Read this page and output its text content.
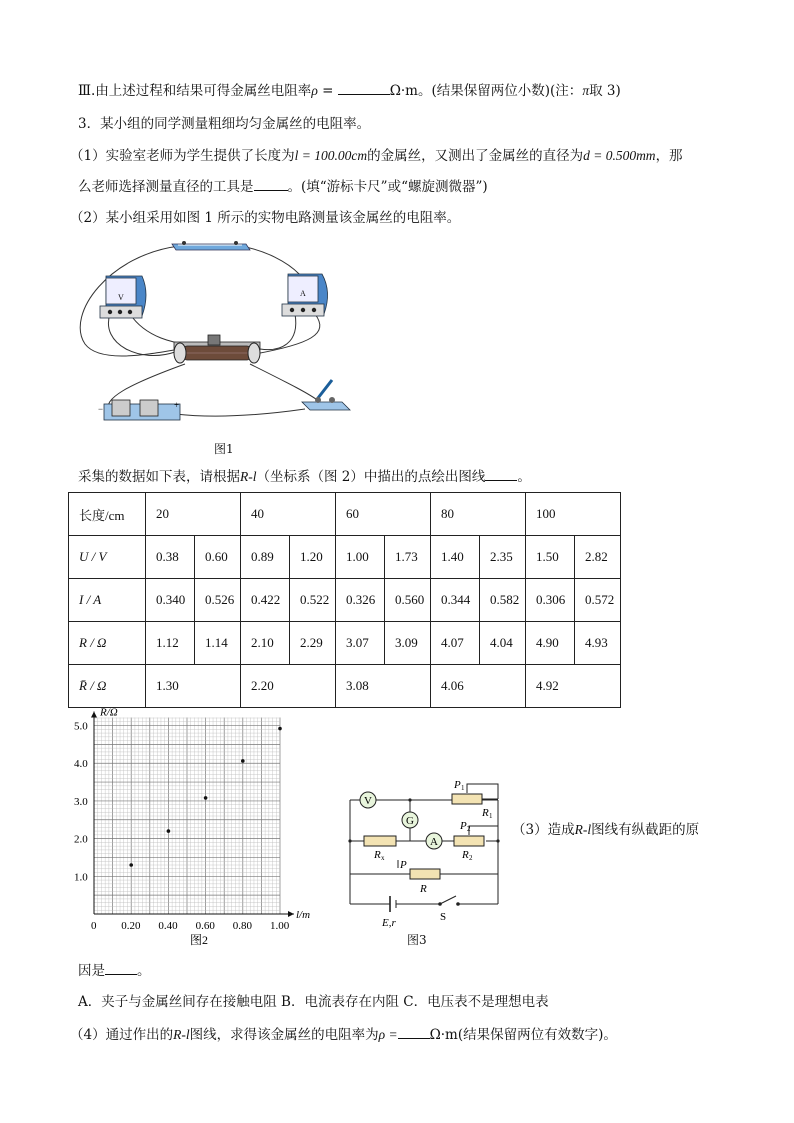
Ⅲ.由上述过程和结果可得金属丝电阻率ρ =	Ω·m。(结果保留两位小数)(注：π取 3)
3．某小组的同学测量粗细均匀金属丝的电阻率。
（1）实验室老师为学生提供了长度为l = 100.00cm的金属丝，又测出了金属丝的直径为d = 0.500mm，那
么老师选择测量直径的工具是	。(填“游标卡尺”或“螺旋测微器”)
（2）某小组采用如图 1 所示的实物电路测量该金属丝的电阻率。
V	A
−	+
图1
采集的数据如下表，请根据R-l（坐标系（图 2）中描出的点绘出图线 。
长度/cm	20		40		60		80		100	
U / V	0.38	0.60	0.89	1.20	1.00	1.73	1.40	2.35	1.50	2.82
I / A	0.340	0.526	0.422	0.522	0.326	0.560	0.344	0.582	0.306	0.572
R / Ω	1.12	1.14	2.10	2.29	3.07	3.09	4.07	4.04	4.90	4.93
R̄ / Ω	1.30		2.20		3.08		4.06		4.92	
l/m
R/Ω
0 0.20 0.40 0.60 0.80 1.00
1.0
2.0
3.0
4.0
5.0
图2
V
G
A
P 1
R 1
P 2
R 2
R x
P
R
E,r	S
图3
（3）造成R-l图线有纵截距的原
因是 。
A．夹子与金属丝间存在接触电阻 B．电流表存在内阻 C．电压表不是理想电表
（4）通过作出的R-l图线，求得该金属丝的电阻率为ρ = Ω·m(结果保留两位有效数字)。
